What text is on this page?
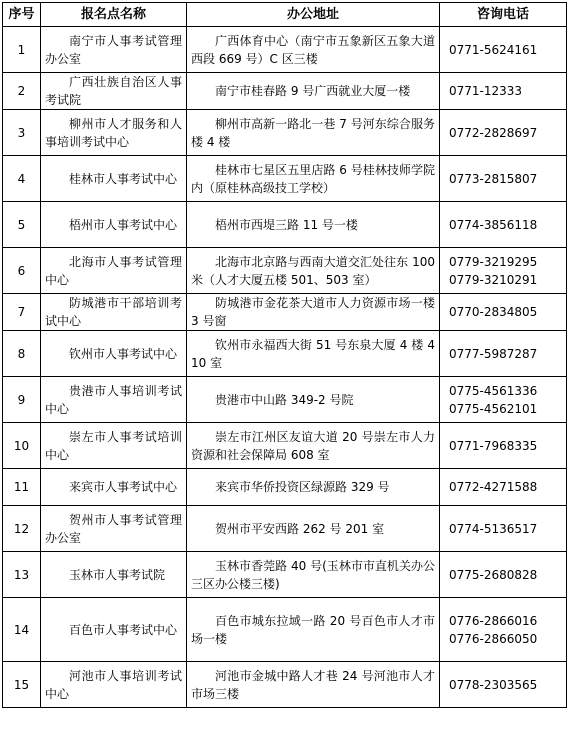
序号	报名点名称	办公地址	咨询电话
1	南宁市人事考试管理办公室	广西体育中心（南宁市五象新区五象大道西段 669 号）C 区三楼	0771-5624161

2	广西壮族自治区人事考试院	南宁市桂春路 9 号广西就业大厦一楼	0771-12333

3	柳州市人才服务和人事培训考试中心	柳州市高新一路北一巷 7 号河东综合服务楼 4 楼	0772-2828697

4	桂林市人事考试中心	桂林市七星区五里店路 6 号桂林技师学院内（原桂林高级技工学校）	0773-2815807

5	梧州市人事考试中心	梧州市西堤三路 11 号一楼	0774-3856118

6	北海市人事考试管理中心	北海市北京路与西南大道交汇处往东 100 米（人才大厦五楼 501、503 室）	0779-3219295
0779-3210291

7	防城港市干部培训考试中心	防城港市金花茶大道市人力资源市场一楼 3 号窗	0770-2834805

8	钦州市人事考试中心	钦州市永福西大街 51 号东泉大厦 4 楼 410 室	0777-5987287

9	贵港市人事培训考试中心	贵港市中山路 349-2 号院	0775-4561336
0775-4562101

10	崇左市人事考试培训中心	崇左市江州区友谊大道 20 号崇左市人力资源和社会保障局 608 室	0771-7968335

11	来宾市人事考试中心	来宾市华侨投资区绿源路 329 号	0772-4271588

12	贺州市人事考试管理办公室	贺州市平安西路 262 号 201 室	0774-5136517

13	玉林市人事考试院	玉林市香莞路 40 号(玉林市市直机关办公三区办公楼三楼)	0775-2680828

14	百色市人事考试中心	百色市城东拉域一路 20 号百色市人才市场一楼	0776-2866016
0776-2866050

15	河池市人事培训考试中心	河池市金城中路人才巷 24 号河池市人才市场三楼	0778-2303565
